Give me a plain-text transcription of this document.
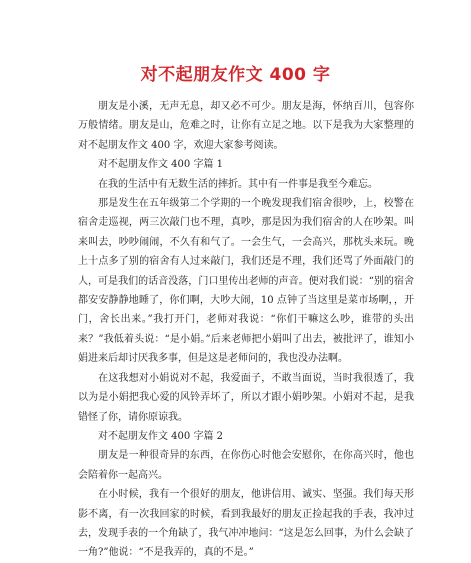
对不起朋友作文 400 字

朋友是小溪，无声无息，却又必不可少。朋友是海，怀纳百川，包容你万般情绪。朋友是山，危难之时，让你有立足之地。以下是我为大家整理的对不起朋友作文 400 字，欢迎大家参考阅读。

对不起朋友作文 400 字篇 1

在我的生活中有无数生活的摔折。其中有一件事是我至今难忘。

那是发生在五年级第二个学期的一个晚发现我们宿舍很吵，上，校警在宿舍走巡视，两三次敲门也不理，真吵，那是因为我们宿舍的人在吵架。叫来叫去，吵吵闹闹，不久有和气了。一会生气，一会高兴，那枕头来玩。晚上十点多了别的宿舍有人过来敲门，我们还是不理，我们还骂了外面敲门的人，可是我们的话音没落，门口里传出老师的声音。便对我们说：“别的宿舍都安安静静地睡了，你们啊，大吵大闹，10 点钟了当这里是菜市场啊，，开门，舍长出来。”我打开门，老师对我说：“你们干嘛这么吵，谁带的头出来？”我低着头说：“是小娟。”后来老师把小娟叫了出去，被批评了，谁知小娟进来后却讨厌我多事，但是这是老师问的，我也没办法啊。

在这我想对小娟说对不起，我爱面子，不敢当面说，当时我很透了，我以为是小娟把我心爱的风铃弄坏了，所以才跟小娟吵架。小娟对不起，是我错怪了你，请你原谅我。

对不起朋友作文 400 字篇 2

朋友是一种很奇异的东西，在你伤心时他会安慰你，在你高兴时，他也会陪着你一起高兴。

在小时候，我有一个很好的朋友，他讲信用、诚实、坚强。我们每天形影不离，有一次我回家的时候，看到我最好的朋友正捡起我的手表，我冲过去，发现手表的一个角缺了，我气冲冲地问：“这是怎么回事，为什么会缺了一角?”他说：“不是我弄的，真的不是。”
